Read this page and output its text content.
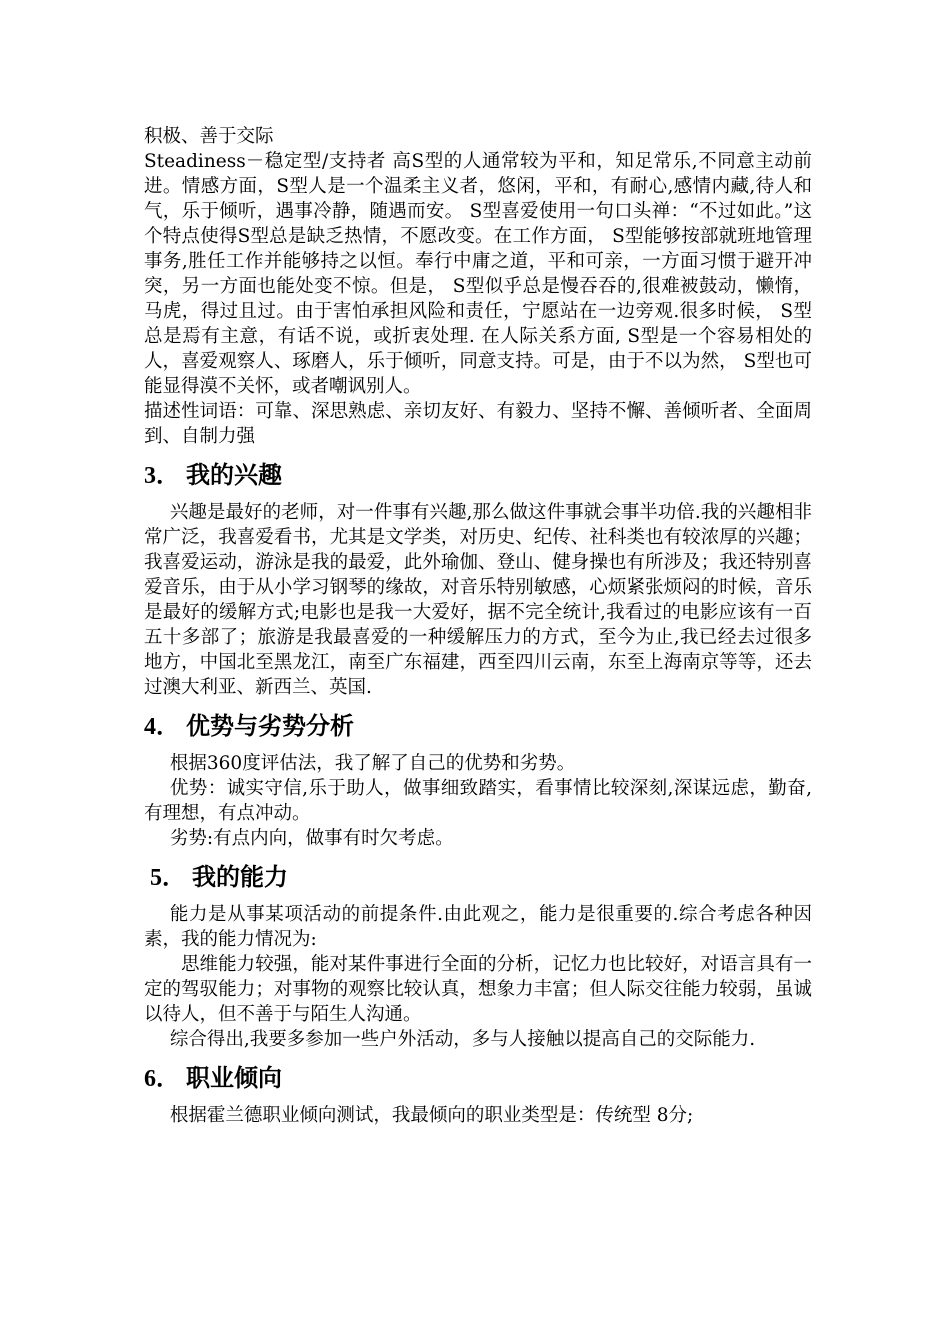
积极、善于交际

Steadiness－稳定型/支持者 高S型的人通常较为平和，知足常乐,不同意主动前进。情感方面，S型人是一个温柔主义者，悠闲，平和，有耐心,感情内藏,待人和气，乐于倾听，遇事冷静，随遇而安。 S型喜爱使用一句口头禅：“不过如此。”这个特点使得S型总是缺乏热情，不愿改变。在工作方面， S型能够按部就班地管理事务,胜任工作并能够持之以恒。奉行中庸之道，平和可亲，一方面习惯于避开冲突，另一方面也能处变不惊。但是， S型似乎总是慢吞吞的,很难被鼓动，懒惰，马虎，得过且过。由于害怕承担风险和责任，宁愿站在一边旁观.很多时候， S型总是焉有主意，有话不说，或折衷处理. 在人际关系方面, S型是一个容易相处的人，喜爱观察人、琢磨人，乐于倾听，同意支持。可是，由于不以为然， S型也可能显得漠不关怀，或者嘲讽别人。

描述性词语：可靠、深思熟虑、亲切友好、有毅力、坚持不懈、善倾听者、全面周到、自制力强

3． 我的兴趣

兴趣是最好的老师，对一件事有兴趣,那么做这件事就会事半功倍.我的兴趣相非常广泛，我喜爱看书，尤其是文学类，对历史、纪传、社科类也有较浓厚的兴趣；我喜爱运动，游泳是我的最爱，此外瑜伽、登山、健身操也有所涉及；我还特别喜爱音乐，由于从小学习钢琴的缘故，对音乐特别敏感，心烦紧张烦闷的时候，音乐是最好的缓解方式;电影也是我一大爱好，据不完全统计,我看过的电影应该有一百五十多部了；旅游是我最喜爱的一种缓解压力的方式，至今为止,我已经去过很多地方，中国北至黑龙江，南至广东福建，西至四川云南，东至上海南京等等，还去过澳大利亚、新西兰、英国.

4． 优势与劣势分析

根据360度评估法，我了解了自己的优势和劣势。

优势：诚实守信,乐于助人，做事细致踏实，看事情比较深刻,深谋远虑，勤奋,有理想，有点冲动。

劣势:有点内向，做事有时欠考虑。

5． 我的能力

能力是从事某项活动的前提条件.由此观之，能力是很重要的.综合考虑各种因素，我的能力情况为:

思维能力较强，能对某件事进行全面的分析，记忆力也比较好，对语言具有一定的驾驭能力；对事物的观察比较认真，想象力丰富；但人际交往能力较弱，虽诚以待人，但不善于与陌生人沟通。

综合得出,我要多参加一些户外活动，多与人接触以提高自己的交际能力.

6． 职业倾向

根据霍兰德职业倾向测试，我最倾向的职业类型是：传统型 8分;
